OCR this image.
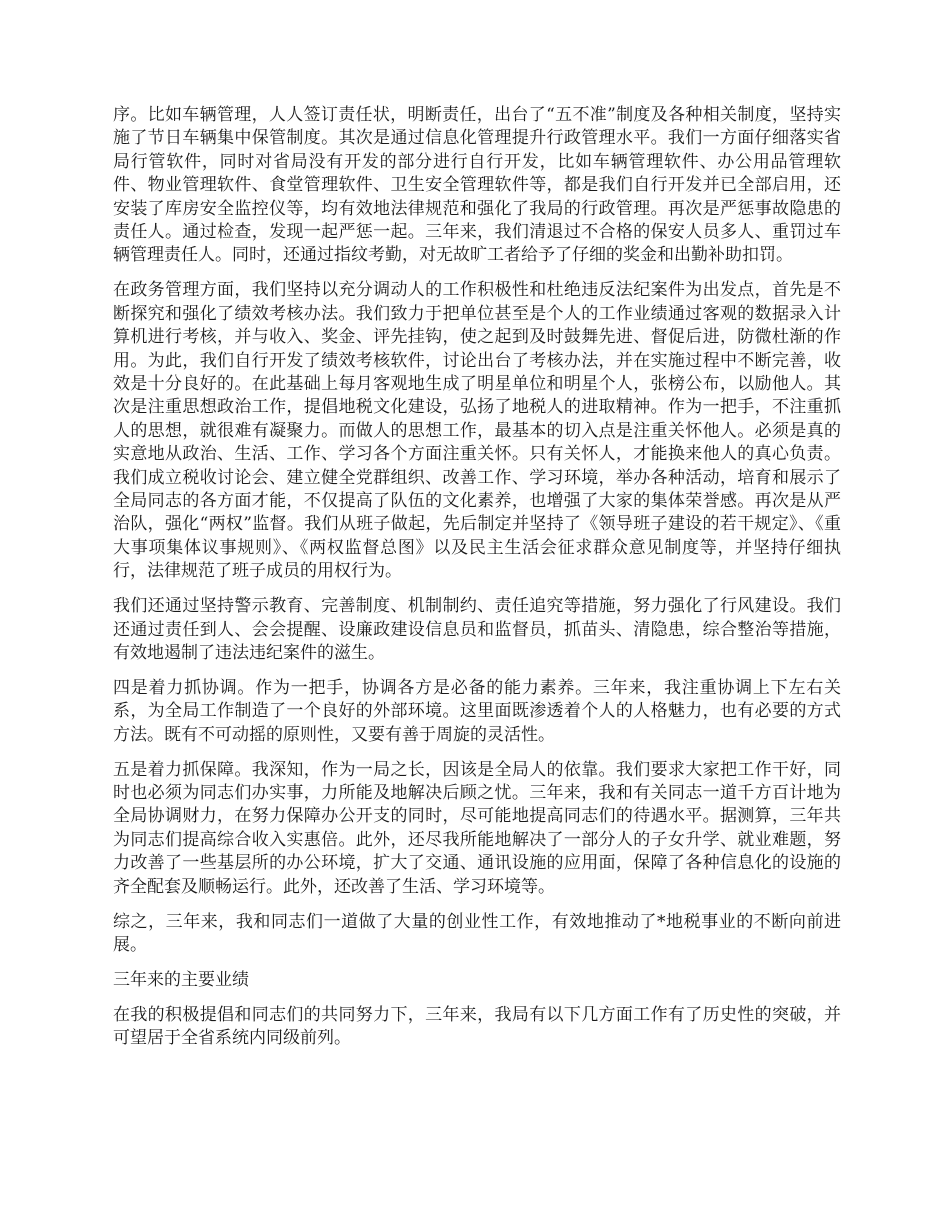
序。比如车辆管理，人人签订责任状，明断责任，出台了“五不准”制度及各种相关制度，坚持实施了节日车辆集中保管制度。其次是通过信息化管理提升行政管理水平。我们一方面仔细落实省局行管软件，同时对省局没有开发的部分进行自行开发，比如车辆管理软件、办公用品管理软件、物业管理软件、食堂管理软件、卫生安全管理软件等，都是我们自行开发并已全部启用，还安装了库房安全监控仪等，均有效地法律规范和强化了我局的行政管理。再次是严惩事故隐患的责任人。通过检查，发现一起严惩一起。三年来，我们清退过不合格的保安人员多人、重罚过车辆管理责任人。同时，还通过指纹考勤，对无故旷工者给予了仔细的奖金和出勤补助扣罚。

在政务管理方面，我们坚持以充分调动人的工作积极性和杜绝违反法纪案件为出发点，首先是不断探究和强化了绩效考核办法。我们致力于把单位甚至是个人的工作业绩通过客观的数据录入计算机进行考核，并与收入、奖金、评先挂钩，使之起到及时鼓舞先进、督促后进，防微杜渐的作用。为此，我们自行开发了绩效考核软件，讨论出台了考核办法，并在实施过程中不断完善，收效是十分良好的。在此基础上每月客观地生成了明星单位和明星个人，张榜公布，以励他人。其次是注重思想政治工作，提倡地税文化建设，弘扬了地税人的进取精神。作为一把手，不注重抓人的思想，就很难有凝聚力。而做人的思想工作，最基本的切入点是注重关怀他人。必须是真的实意地从政治、生活、工作、学习各个方面注重关怀。只有关怀人，才能换来他人的真心负责。我们成立税收讨论会、建立健全党群组织、改善工作、学习环境，举办各种活动，培育和展示了全局同志的各方面才能，不仅提高了队伍的文化素养，也增强了大家的集体荣誉感。再次是从严治队，强化“两权”监督。我们从班子做起，先后制定并坚持了《领导班子建设的若干规定》、《重大事项集体议事规则》、《两权监督总图》以及民主生活会征求群众意见制度等，并坚持仔细执行，法律规范了班子成员的用权行为。

我们还通过坚持警示教育、完善制度、机制制约、责任追究等措施，努力强化了行风建设。我们还通过责任到人、会会提醒、设廉政建设信息员和监督员，抓苗头、清隐患，综合整治等措施，有效地遏制了违法违纪案件的滋生。

四是着力抓协调。作为一把手，协调各方是必备的能力素养。三年来，我注重协调上下左右关系，为全局工作制造了一个良好的外部环境。这里面既渗透着个人的人格魅力，也有必要的方式方法。既有不可动摇的原则性，又要有善于周旋的灵活性。

五是着力抓保障。我深知，作为一局之长，因该是全局人的依靠。我们要求大家把工作干好，同时也必须为同志们办实事，力所能及地解决后顾之忧。三年来，我和有关同志一道千方百计地为全局协调财力，在努力保障办公开支的同时，尽可能地提高同志们的待遇水平。据测算，三年共为同志们提高综合收入实惠倍。此外，还尽我所能地解决了一部分人的子女升学、就业难题，努力改善了一些基层所的办公环境，扩大了交通、通讯设施的应用面，保障了各种信息化的设施的齐全配套及顺畅运行。此外，还改善了生活、学习环境等。

综之，三年来，我和同志们一道做了大量的创业性工作，有效地推动了*地税事业的不断向前进展。

三年来的主要业绩

在我的积极提倡和同志们的共同努力下，三年来，我局有以下几方面工作有了历史性的突破，并可望居于全省系统内同级前列。
